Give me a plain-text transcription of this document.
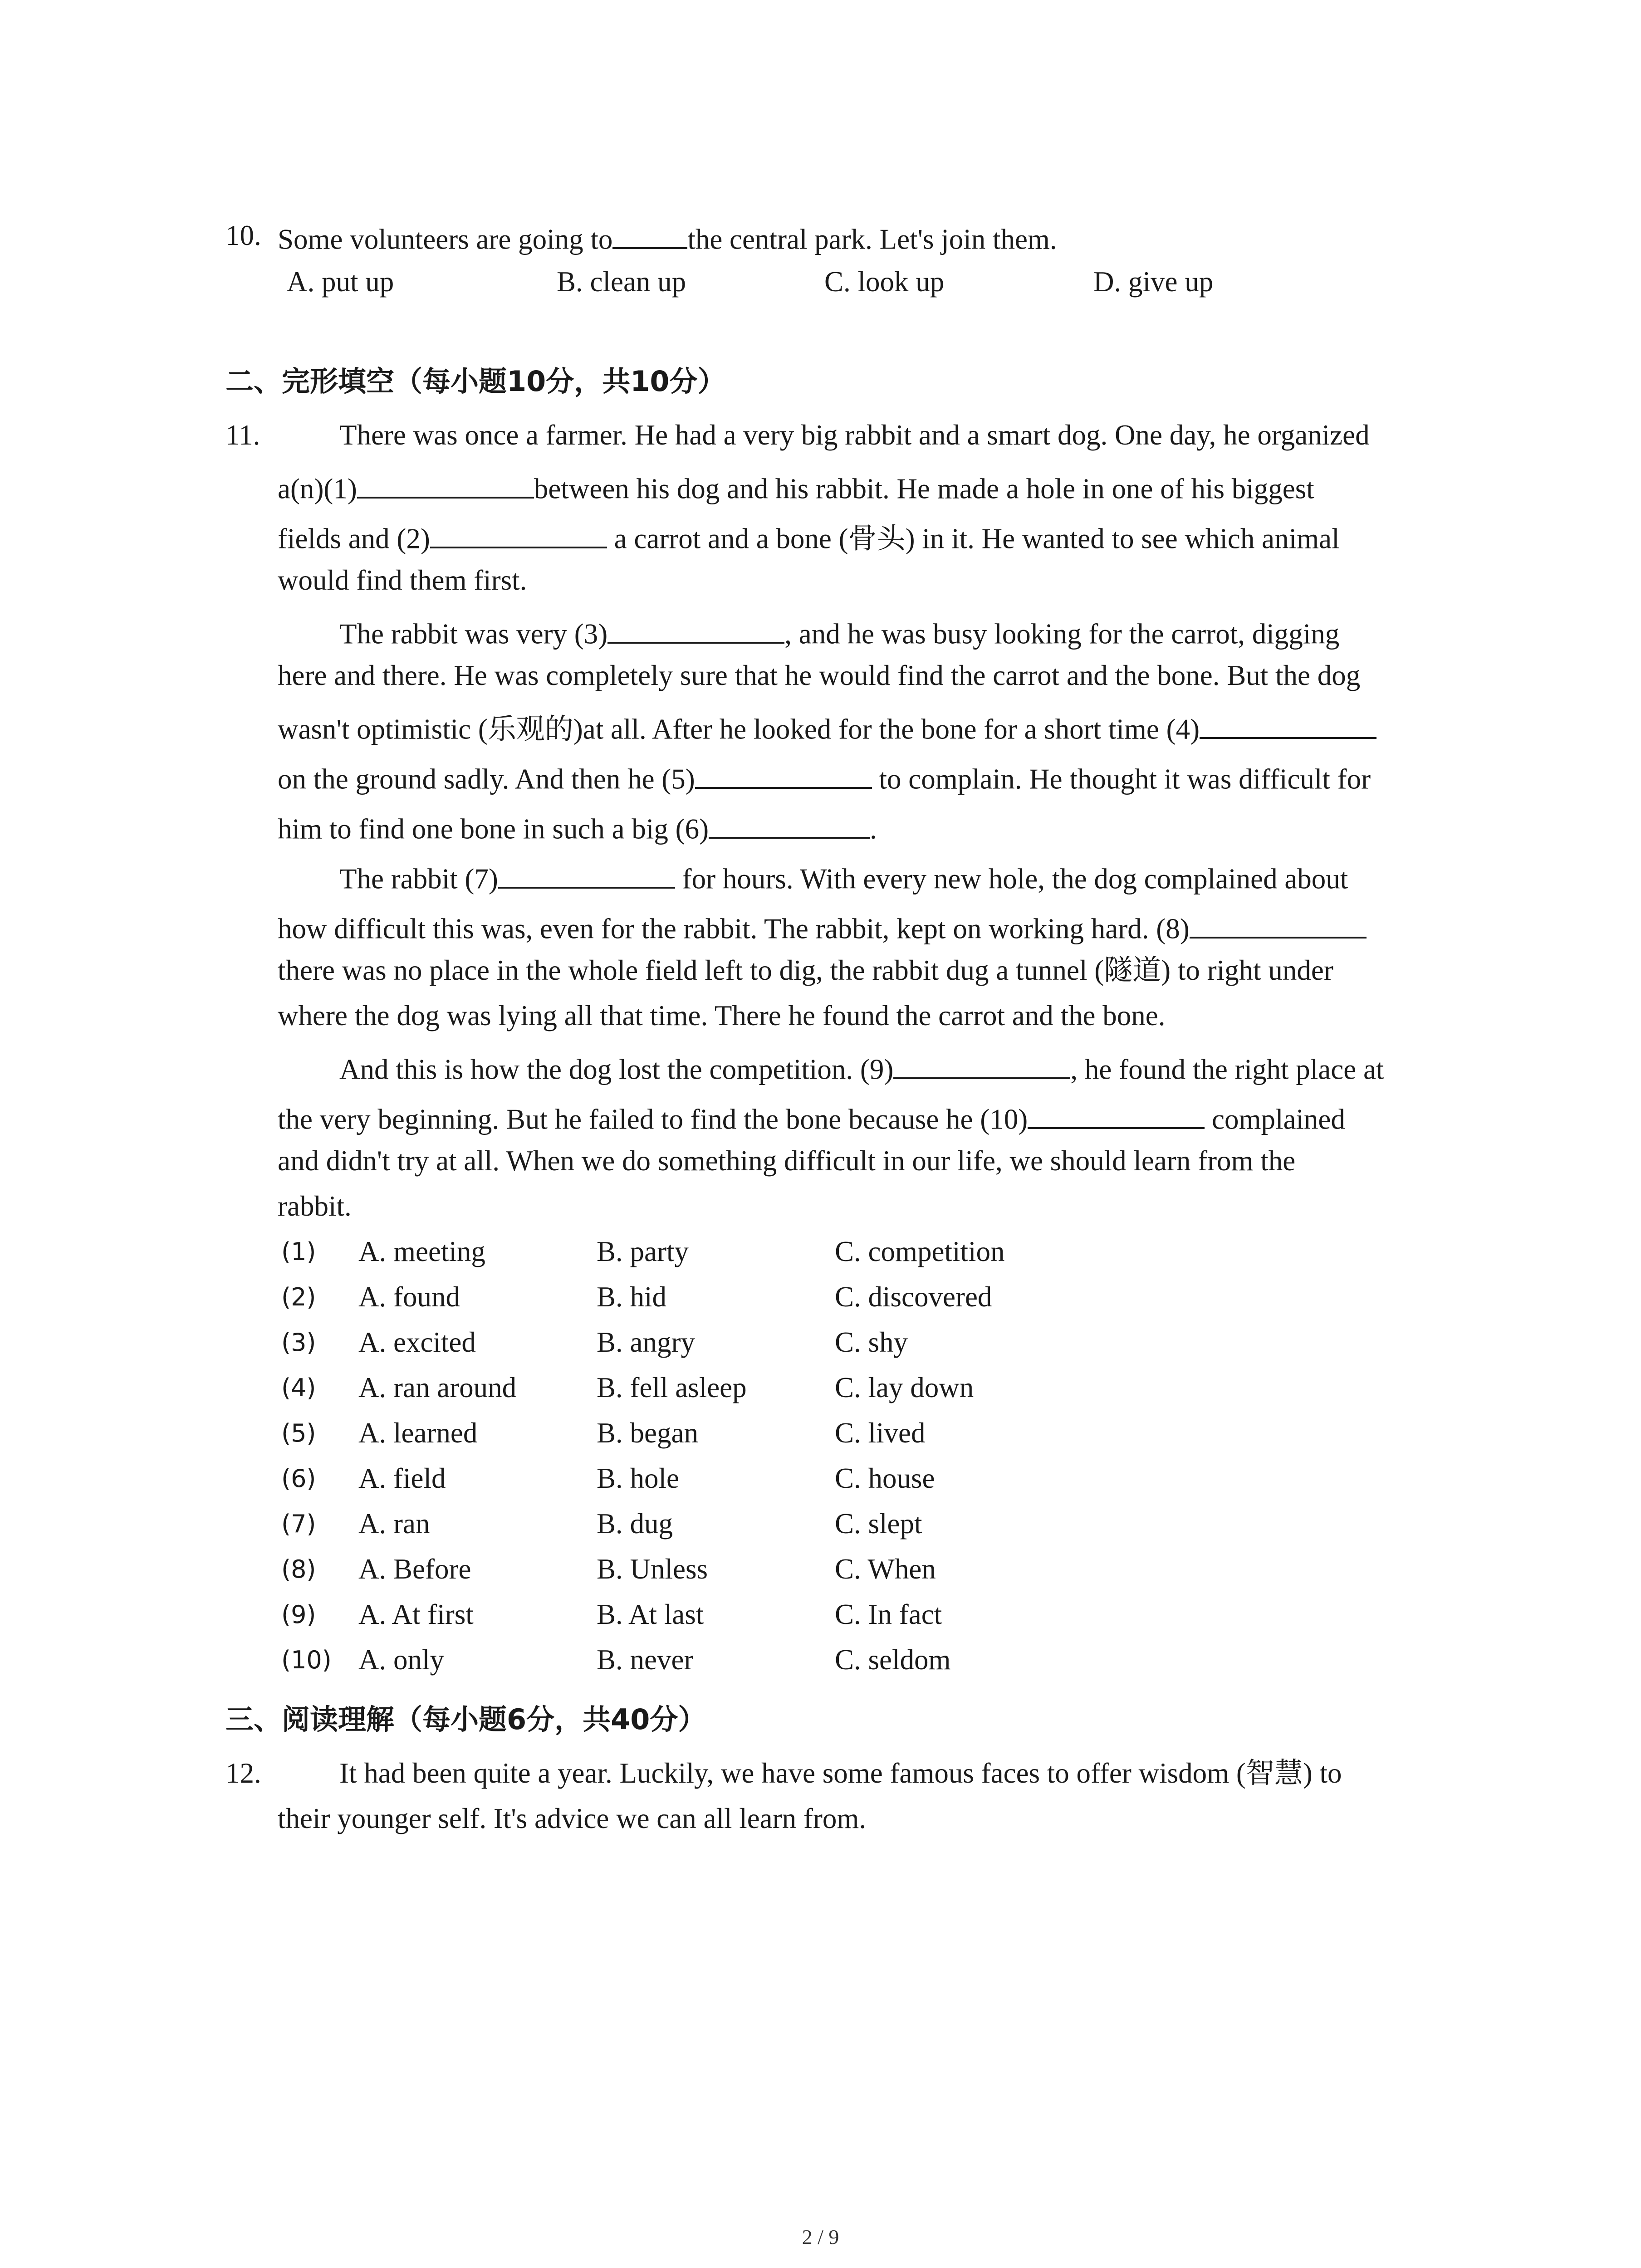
10. Some volunteers are going to	the central park. Let's join them.
A. put up	B. clean up	C. look up	D. give up
二、完形填空（每小题10分，共10分）
11.	There was once a farmer. He had a very big rabbit and a smart dog. One day, he organized
a(n)(1)	between his dog and his rabbit. He made a hole in one of his biggest
fields and (2)	a carrot and a bone (骨头) in it. He wanted to see which animal
would find them first.
The rabbit was very (3)	, and he was busy looking for the carrot, digging
here and there. He was completely sure that he would find the carrot and the bone. But the dog
wasn't optimistic (乐观的)at all. After he looked for the bone for a short time (4)
on the ground sadly. And then he (5)	to complain. He thought it was difficult for
him to find one bone in such a big (6)	.
The rabbit (7)	for hours. With every new hole, the dog complained about
how difficult this was, even for the rabbit. The rabbit, kept on working hard. (8)
there was no place in the whole field left to dig, the rabbit dug a tunnel (隧道) to right under
where the dog was lying all that time. There he found the carrot and the bone.
And this is how the dog lost the competition. (9)	, he found the right place at
the very beginning. But he failed to find the bone because he (10)	complained
and didn't try at all. When we do something difficult in our life, we should learn from the
rabbit.
(1) A. meeting	B. party	C. competition
(2) A. found	B. hid	C. discovered
(3) A. excited	B. angry	C. shy
(4) A. ran around	B. fell asleep	C. lay down
(5) A. learned	B. began	C. lived
(6) A. field	B. hole	C. house
(7) A. ran	B. dug	C. slept
(8) A. Before	B. Unless	C. When
(9) A. At first	B. At last	C. In fact
(10) A. only	B. never	C. seldom
三、阅读理解（每小题6分，共40分）
12.	It had been quite a year. Luckily, we have some famous faces to offer wisdom (智慧) to
their younger self. It's advice we can all learn from.
2 / 9
